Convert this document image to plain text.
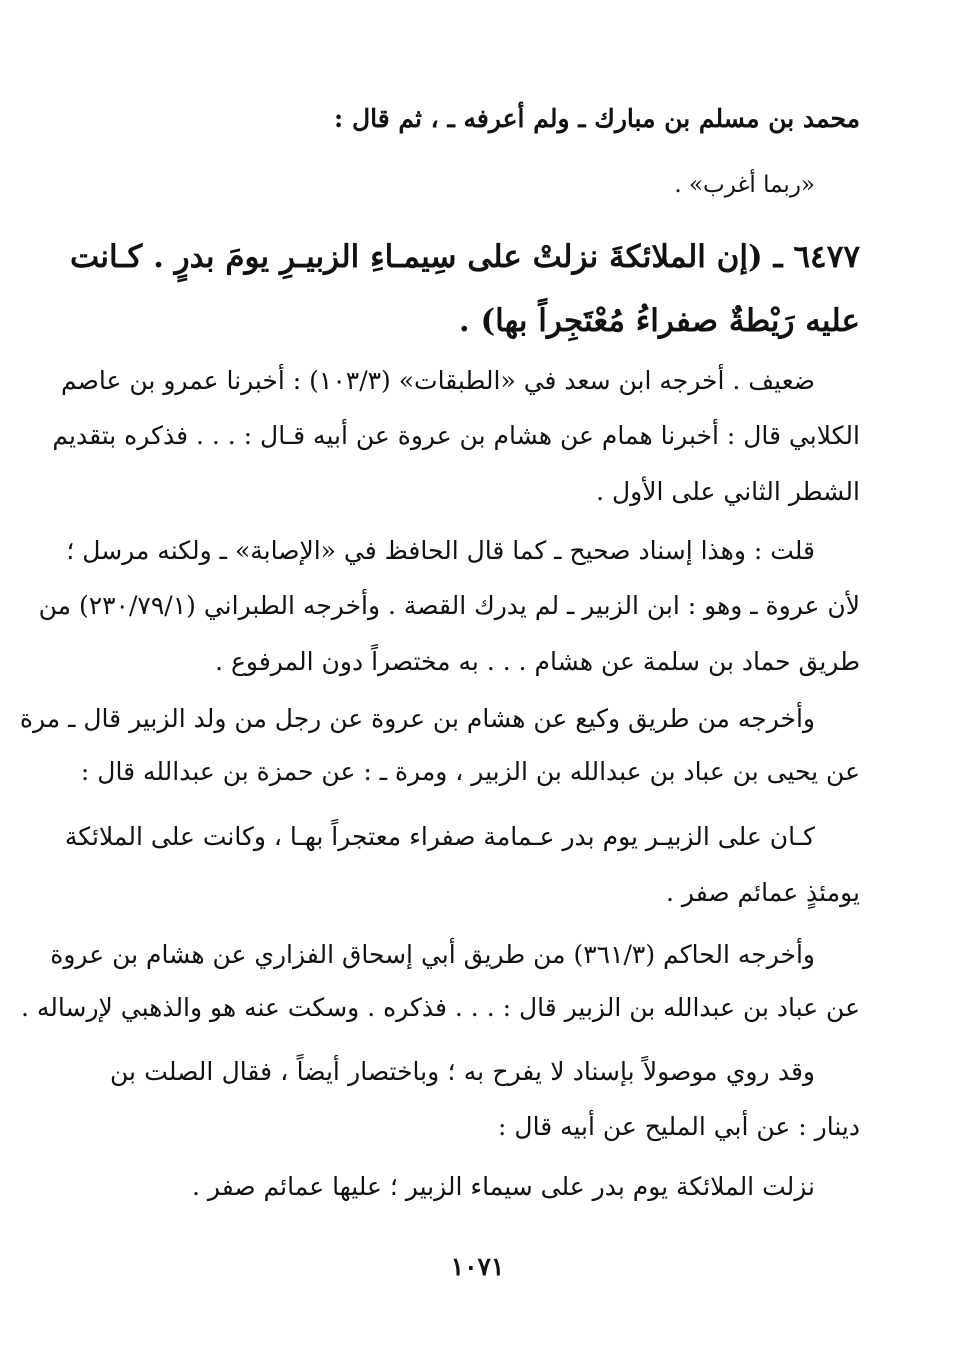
محمد بن مسلم بن مبارك ـ ولم أعرفه ـ ، ثم قال :
«ربما أغرب» .
٦٤٧٧ ـ (إن الملائكةَ نزلتْ على سِيمـاءِ الزبيـرِ يومَ بدرٍ . كـانت
عليه رَيْطةٌ صفراءُ مُعْتَجِراً بها) .
ضعيف . أخرجه ابن سعد في «الطبقات» (١٠٣/٣) : أخبرنا عمرو بن عاصم
الكلابي قال : أخبرنا همام عن هشام بن عروة عن أبيه قـال : . . . فذكره بتقديم
الشطر الثاني على الأول .
قلت : وهذا إسناد صحيح ـ كما قال الحافظ في «الإصابة» ـ ولكنه مرسل ؛
لأن عروة ـ وهو : ابن الزبير ـ لم يدرك القصة . وأخرجه الطبراني (٢٣٠/٧٩/١) من
طريق حماد بن سلمة عن هشام . . . به مختصراً دون المرفوع .
وأخرجه من طريق وكيع عن هشام بن عروة عن رجل من ولد الزبير قال ـ مرة
عن يحيى بن عباد بن عبدالله بن الزبير ، ومرة ـ : عن حمزة بن عبدالله قال :
كـان على الزبيـر يوم بدر عـمامة صفراء معتجراً بهـا ، وكانت على الملائكة
يومئذٍ عمائم صفر .
وأخرجه الحاكم (٣٦١/٣) من طريق أبي إسحاق الفزاري عن هشام بن عروة
عن عباد بن عبدالله بن الزبير قال : . . . فذكره . وسكت عنه هو والذهبي لإرساله .
وقد روي موصولاً بإسناد لا يفرح به ؛ وباختصار أيضاً ، فقال الصلت بن
دينار : عن أبي المليح عن أبيه قال :
نزلت الملائكة يوم بدر على سيماء الزبير ؛ عليها عمائم صفر .
١٠٧١
